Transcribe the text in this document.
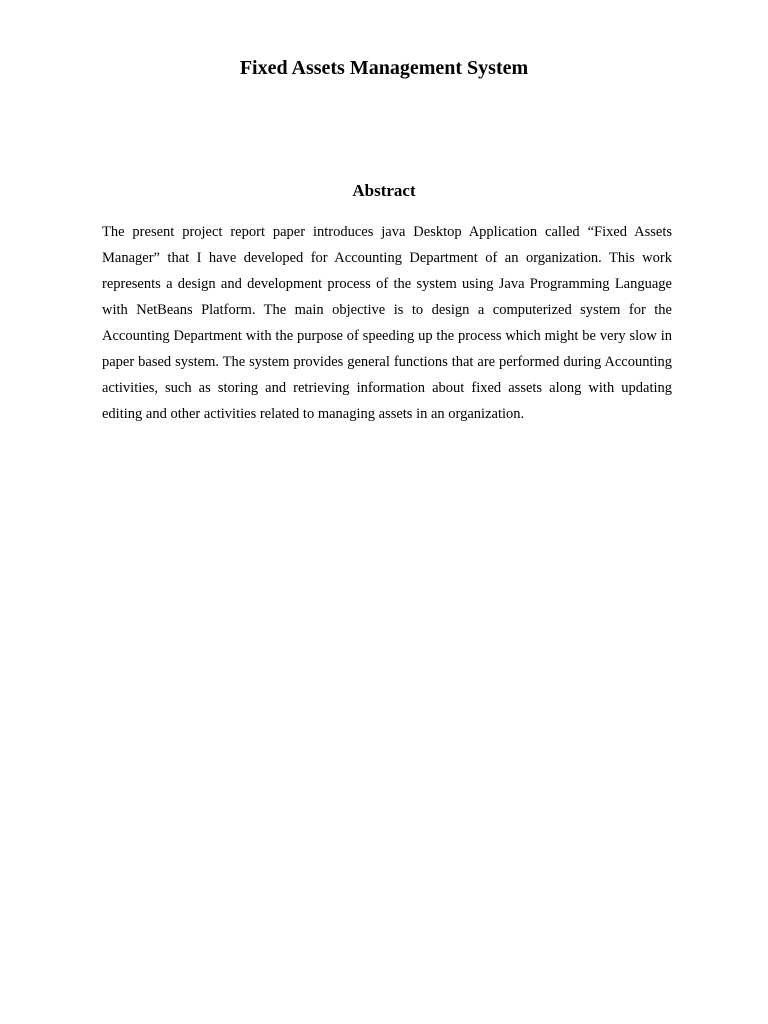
Fixed Assets Management System
Abstract

The present project report paper introduces java Desktop Application called “Fixed Assets Manager” that I have developed for Accounting Department of an organization. This work represents a design and development process of the system using Java Programming Language with NetBeans Platform. The main objective is to design a computerized system for the Accounting Department with the purpose of speeding up the process which might be very slow in paper based system. The system provides general functions that are performed during Accounting activities, such as storing and retrieving information about fixed assets along with updating editing and other activities related to managing assets in an organization.
